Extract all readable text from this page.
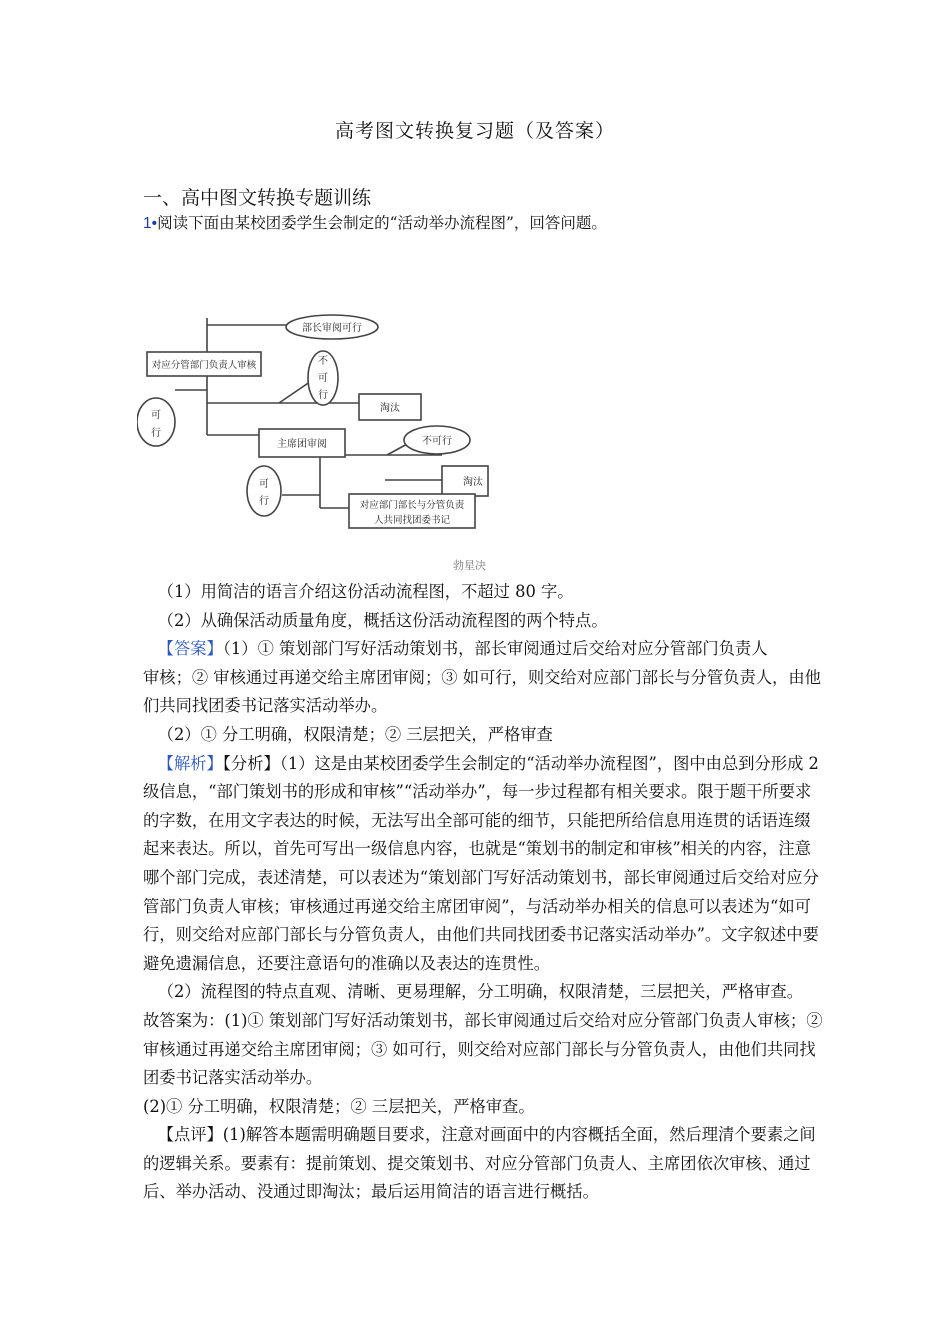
高考图文转换复习题（及答案）
一、高中图文转换专题训练
1•阅读下面由某校团委学生会制定的“活动举办流程图”，回答问题。
部长审阅可行
对应分管部门负责人审核	不
可
行
可
行
淘汰
主席团审阅	不可行
淘汰
可
行	对应部门部长与分管负责
人共同找团委书记
勃星决

（1）用简洁的语言介绍这份活动流程图，不超过 80 字。

（2）从确保活动质量角度，概括这份活动流程图的两个特点。

【答案】（1）① 策划部门写好活动策划书，部长审阅通过后交给对应分管部门负责人

审核；② 审核通过再递交给主席团审阅；③ 如可行，则交给对应部门部长与分管负责人，由他们共同找团委书记落实活动举办。

（2）① 分工明确，权限清楚；② 三层把关，严格审查

【解析】【分析】（1）这是由某校团委学生会制定的“活动举办流程图”，图中由总到分形成 2 级信息，“部门策划书的形成和审核”“活动举办”，每一步过程都有相关要求。限于题干所要求的字数，在用文字表达的时候，无法写出全部可能的细节，只能把所给信息用连贯的话语连缀起来表达。所以，首先可写出一级信息内容，也就是“策划书的制定和审核”相关的内容，注意哪个部门完成，表述清楚，可以表述为“策划部门写好活动策划书，部长审阅通过后交给对应分管部门负责人审核；审核通过再递交给主席团审阅”，与活动举办相关的信息可以表述为“如可行，则交给对应部门部长与分管负责人，由他们共同找团委书记落实活动举办”。文字叙述中要避免遗漏信息，还要注意语句的准确以及表达的连贯性。

（2）流程图的特点直观、清晰、更易理解，分工明确，权限清楚，三层把关，严格审查。

故答案为：(1)① 策划部门写好活动策划书，部长审阅通过后交给对应分管部门负责人审核；② 审核通过再递交给主席团审阅；③ 如可行，则交给对应部门部长与分管负责人，由他们共同找团委书记落实活动举办。

(2)① 分工明确，权限清楚；② 三层把关，严格审查。

【点评】(1)解答本题需明确题目要求，注意对画面中的内容概括全面，然后理清个要素之间的逻辑关系。要素有：提前策划、提交策划书、对应分管部门负责人、主席团依次审核、通过后、举办活动、没通过即淘汰；最后运用简洁的语言进行概括。
